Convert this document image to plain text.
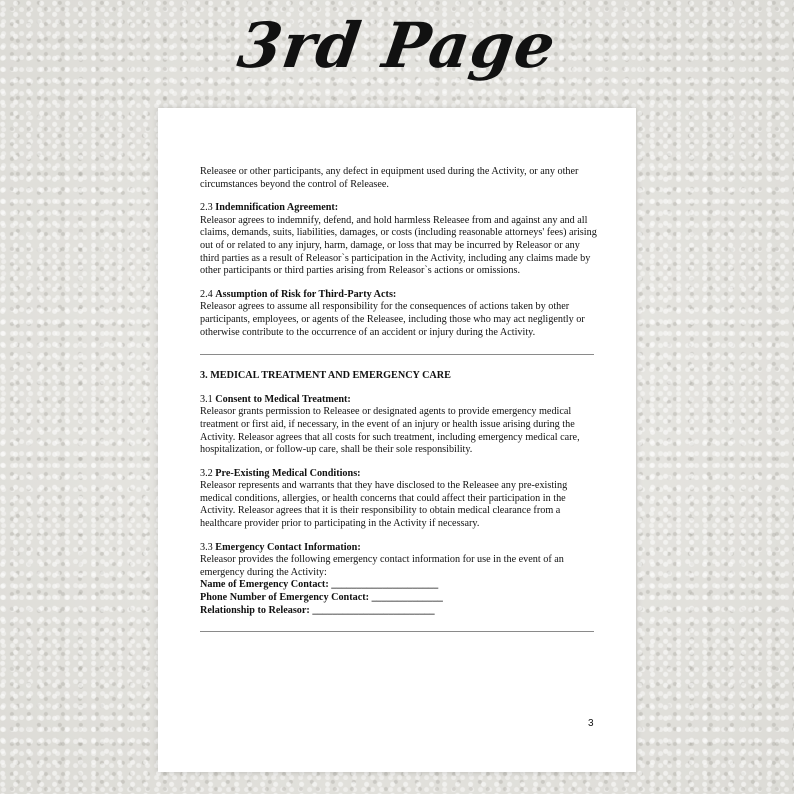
3rd Page

Releasee or other participants, any defect in equipment used during the Activity, or any other circumstances beyond the control of Releasee.

2.3 Indemnification Agreement:

Releasor agrees to indemnify, defend, and hold harmless Releasee from and against any and all claims, demands, suits, liabilities, damages, or costs (including reasonable attorneys' fees) arising out of or related to any injury, harm, damage, or loss that may be incurred by Releasor or any third parties as a result of Releasor`s participation in the Activity, including any claims made by other participants or third parties arising from Releasor`s actions or omissions.

2.4 Assumption of Risk for Third-Party Acts:

Releasor agrees to assume all responsibility for the consequences of actions taken by other participants, employees, or agents of the Releasee, including those who may act negligently or otherwise contribute to the occurrence of an accident or injury during the Activity.

3. MEDICAL TREATMENT AND EMERGENCY CARE

3.1 Consent to Medical Treatment:

Releasor grants permission to Releasee or designated agents to provide emergency medical treatment or first aid, if necessary, in the event of an injury or health issue arising during the Activity. Releasor agrees that all costs for such treatment, including emergency medical care, hospitalization, or follow-up care, shall be their sole responsibility.

3.2 Pre-Existing Medical Conditions:

Releasor represents and warrants that they have disclosed to the Releasee any pre-existing medical conditions, allergies, or health concerns that could affect their participation in the Activity. Releasor agrees that it is their responsibility to obtain medical clearance from a healthcare provider prior to participating in the Activity if necessary.

3.3 Emergency Contact Information:

Releasor provides the following emergency contact information for use in the event of an emergency during the Activity:

Name of Emergency Contact: _____________________

Phone Number of Emergency Contact: ______________

Relationship to Releasor: ________________________

3
